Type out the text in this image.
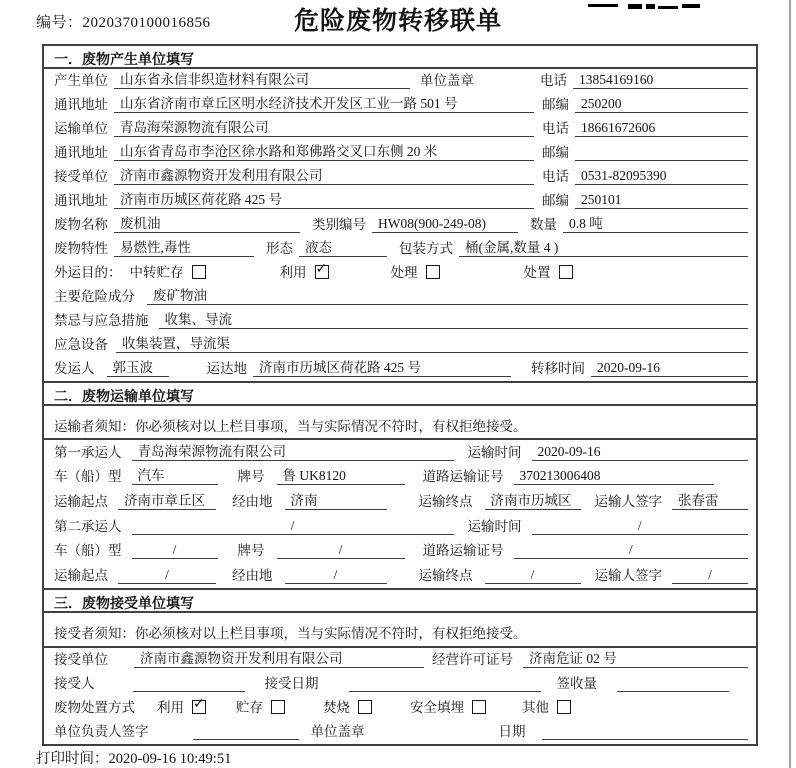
编号：2020370100016856	危险废物转移联单
一．废物产生单位填写
产生单位 山东省永信非织造材料有限公司	单位盖章	电话 13854169160
通讯地址 山东省济南市章丘区明水经济技术开发区工业一路 501 号	邮编 250200
运输单位 青岛海荣源物流有限公司	电话 18661672606
通讯地址 山东省青岛市李沧区徐水路和郑佛路交叉口东侧 20 米	邮编
接受单位 济南市鑫源物资开发利用有限公司	电话 0531-82095390
通讯地址 济南市历城区荷花路 425 号	邮编 250101
废物名称 废机油	类别编号 HW08(900-249-08)	数量 0.8 吨
废物特性 易燃性,毒性	形态 液态	包装方式 桶(金属,数量 4 )
外运目的： 中转贮存	利用 ✓	处理	处置
主要危险成分	废矿物油
禁忌与应急措施	收集、导流
应急设备	收集装置，导流渠
发运人	郭玉波	运达地 济南市历城区荷花路 425 号	转移时间 2020-09-16
二．废物运输单位填写
运输者须知：你必须核对以上栏目事项，当与实际情况不符时，有权拒绝接受。
第一承运人	青岛海荣源物流有限公司	运输时间	2020-09-16
车（船）型	汽车	牌号	鲁 UK8120	道路运输证号	370213006408
运输起点	济南市章丘区	经由地	济南	运输终点	济南市历城区	运输人签字	张春雷
第二承运人	/	运输时间	/
车（船）型	/	牌号	/	道路运输证号	/
运输起点	/	经由地	/	运输终点	/	运输人签字	/
三．废物接受单位填写
接受者须知：你必须核对以上栏目事项，当与实际情况不符时，有权拒绝接受。
接受单位	济南市鑫源物资开发利用有限公司	经营许可证号	济南危证 02 号
接受人	接受日期	签收量
废物处置方式 利用 ✓	贮存	焚烧	安全填埋	其他
单位负责人签字	单位盖章	日期
打印时间：2020-09-16 10:49:51
